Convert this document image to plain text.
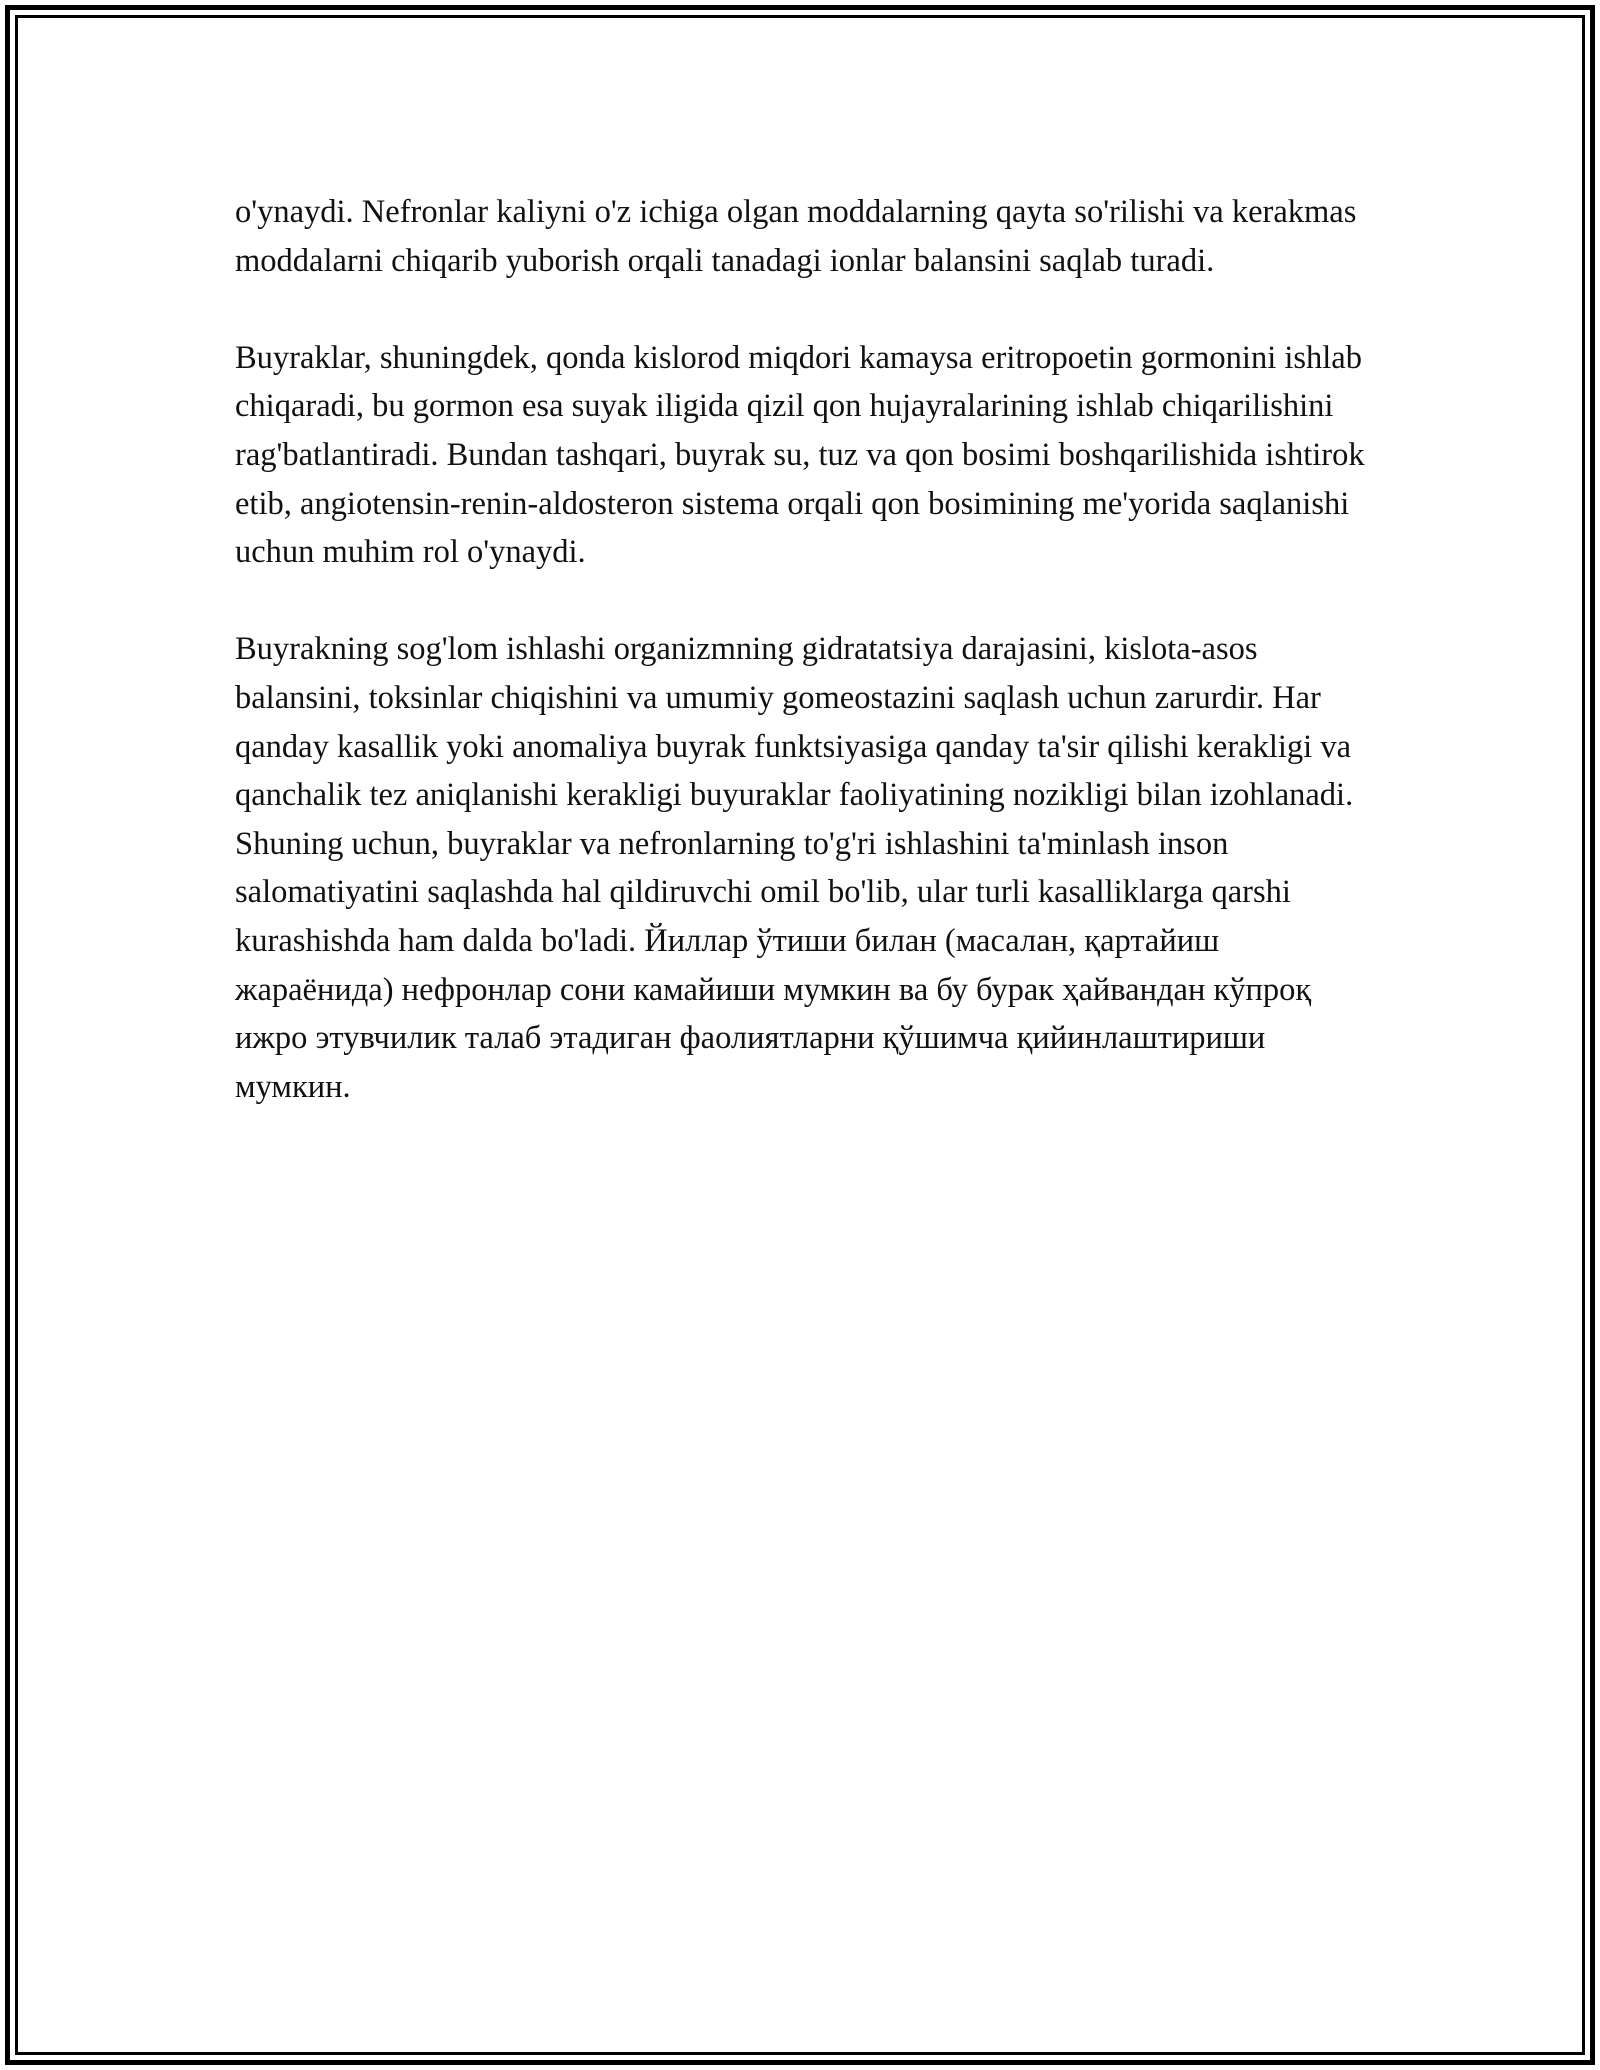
o'ynaydi. Nefronlar kaliyni o'z ichiga olgan moddalarning qayta so'rilishi va kerakmas moddalarni chiqarib yuborish orqali tanadagi ionlar balansini saqlab turadi.

Buyraklar, shuningdek, qonda kislorod miqdori kamaysa eritropoetin gormonini ishlab chiqaradi, bu gormon esa suyak iligida qizil qon hujayralarining ishlab chiqarilishini rag'batlantiradi. Bundan tashqari, buyrak su, tuz va qon bosimi boshqarilishida ishtirok etib, angiotensin-renin-aldosteron sistema orqali qon bosimining me'yorida saqlanishi uchun muhim rol o'ynaydi.

Buyrakning sog'lom ishlashi organizmning gidratatsiya darajasini, kislota-asos balansini, toksinlar chiqishini va umumiy gomeostazini saqlash uchun zarurdir. Har qanday kasallik yoki anomaliya buyrak funktsiyasiga qanday ta'sir qilishi kerakligi va qanchalik tez aniqlanishi kerakligi buyuraklar faoliyatining nozikligi bilan izohlanadi. Shuning uchun, buyraklar va nefronlarning to'g'ri ishlashini ta'minlash inson salomatiyatini saqlashda hal qildiruvchi omil bo'lib, ular turli kasalliklarga qarshi kurashishda ham dalda bo'ladi. Йиллар ўтиши билан (масалан, қартайиш жараёнида) нефронлар сони камайиши мумкин ва бу бурак ҳайвандан кўпроқ ижро этувчилик талаб этадиган фаолиятларни қўшимча қийинлаштириши мумкин.
